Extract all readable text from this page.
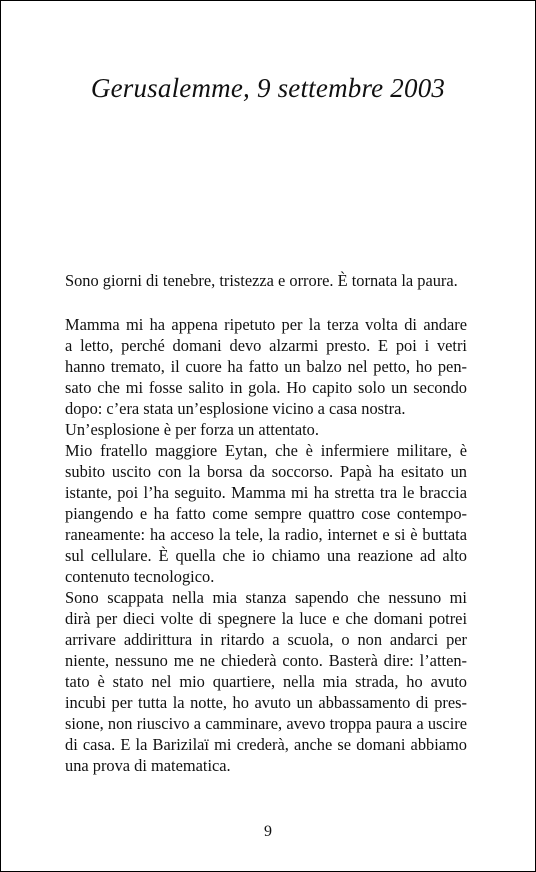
Gerusalemme, 9 settembre 2003
Sono giorni di tenebre, tristezza e orrore. È tornata la paura.
Mamma mi ha appena ripetuto per la terza volta di andare
a letto, perché domani devo alzarmi presto. E poi i vetri
hanno tremato, il cuore ha fatto un balzo nel petto, ho pen-
sato che mi fosse salito in gola. Ho capito solo un secondo
dopo: c’era stata un’esplosione vicino a casa nostra.
Un’esplosione è per forza un attentato.
Mio fratello maggiore Eytan, che è infermiere militare, è
subito uscito con la borsa da soccorso. Papà ha esitato un
istante, poi l’ha seguito. Mamma mi ha stretta tra le braccia
piangendo e ha fatto come sempre quattro cose contempo-
raneamente: ha acceso la tele, la radio, internet e si è buttata
sul cellulare. È quella che io chiamo una reazione ad alto
contenuto tecnologico.
Sono scappata nella mia stanza sapendo che nessuno mi
dirà per dieci volte di spegnere la luce e che domani potrei
arrivare addirittura in ritardo a scuola, o non andarci per
niente, nessuno me ne chiederà conto. Basterà dire: l’atten-
tato è stato nel mio quartiere, nella mia strada, ho avuto
incubi per tutta la notte, ho avuto un abbassamento di pres-
sione, non riuscivo a camminare, avevo troppa paura a uscire
di casa. E la Barizilaï mi crederà, anche se domani abbiamo
una prova di matematica.
9
